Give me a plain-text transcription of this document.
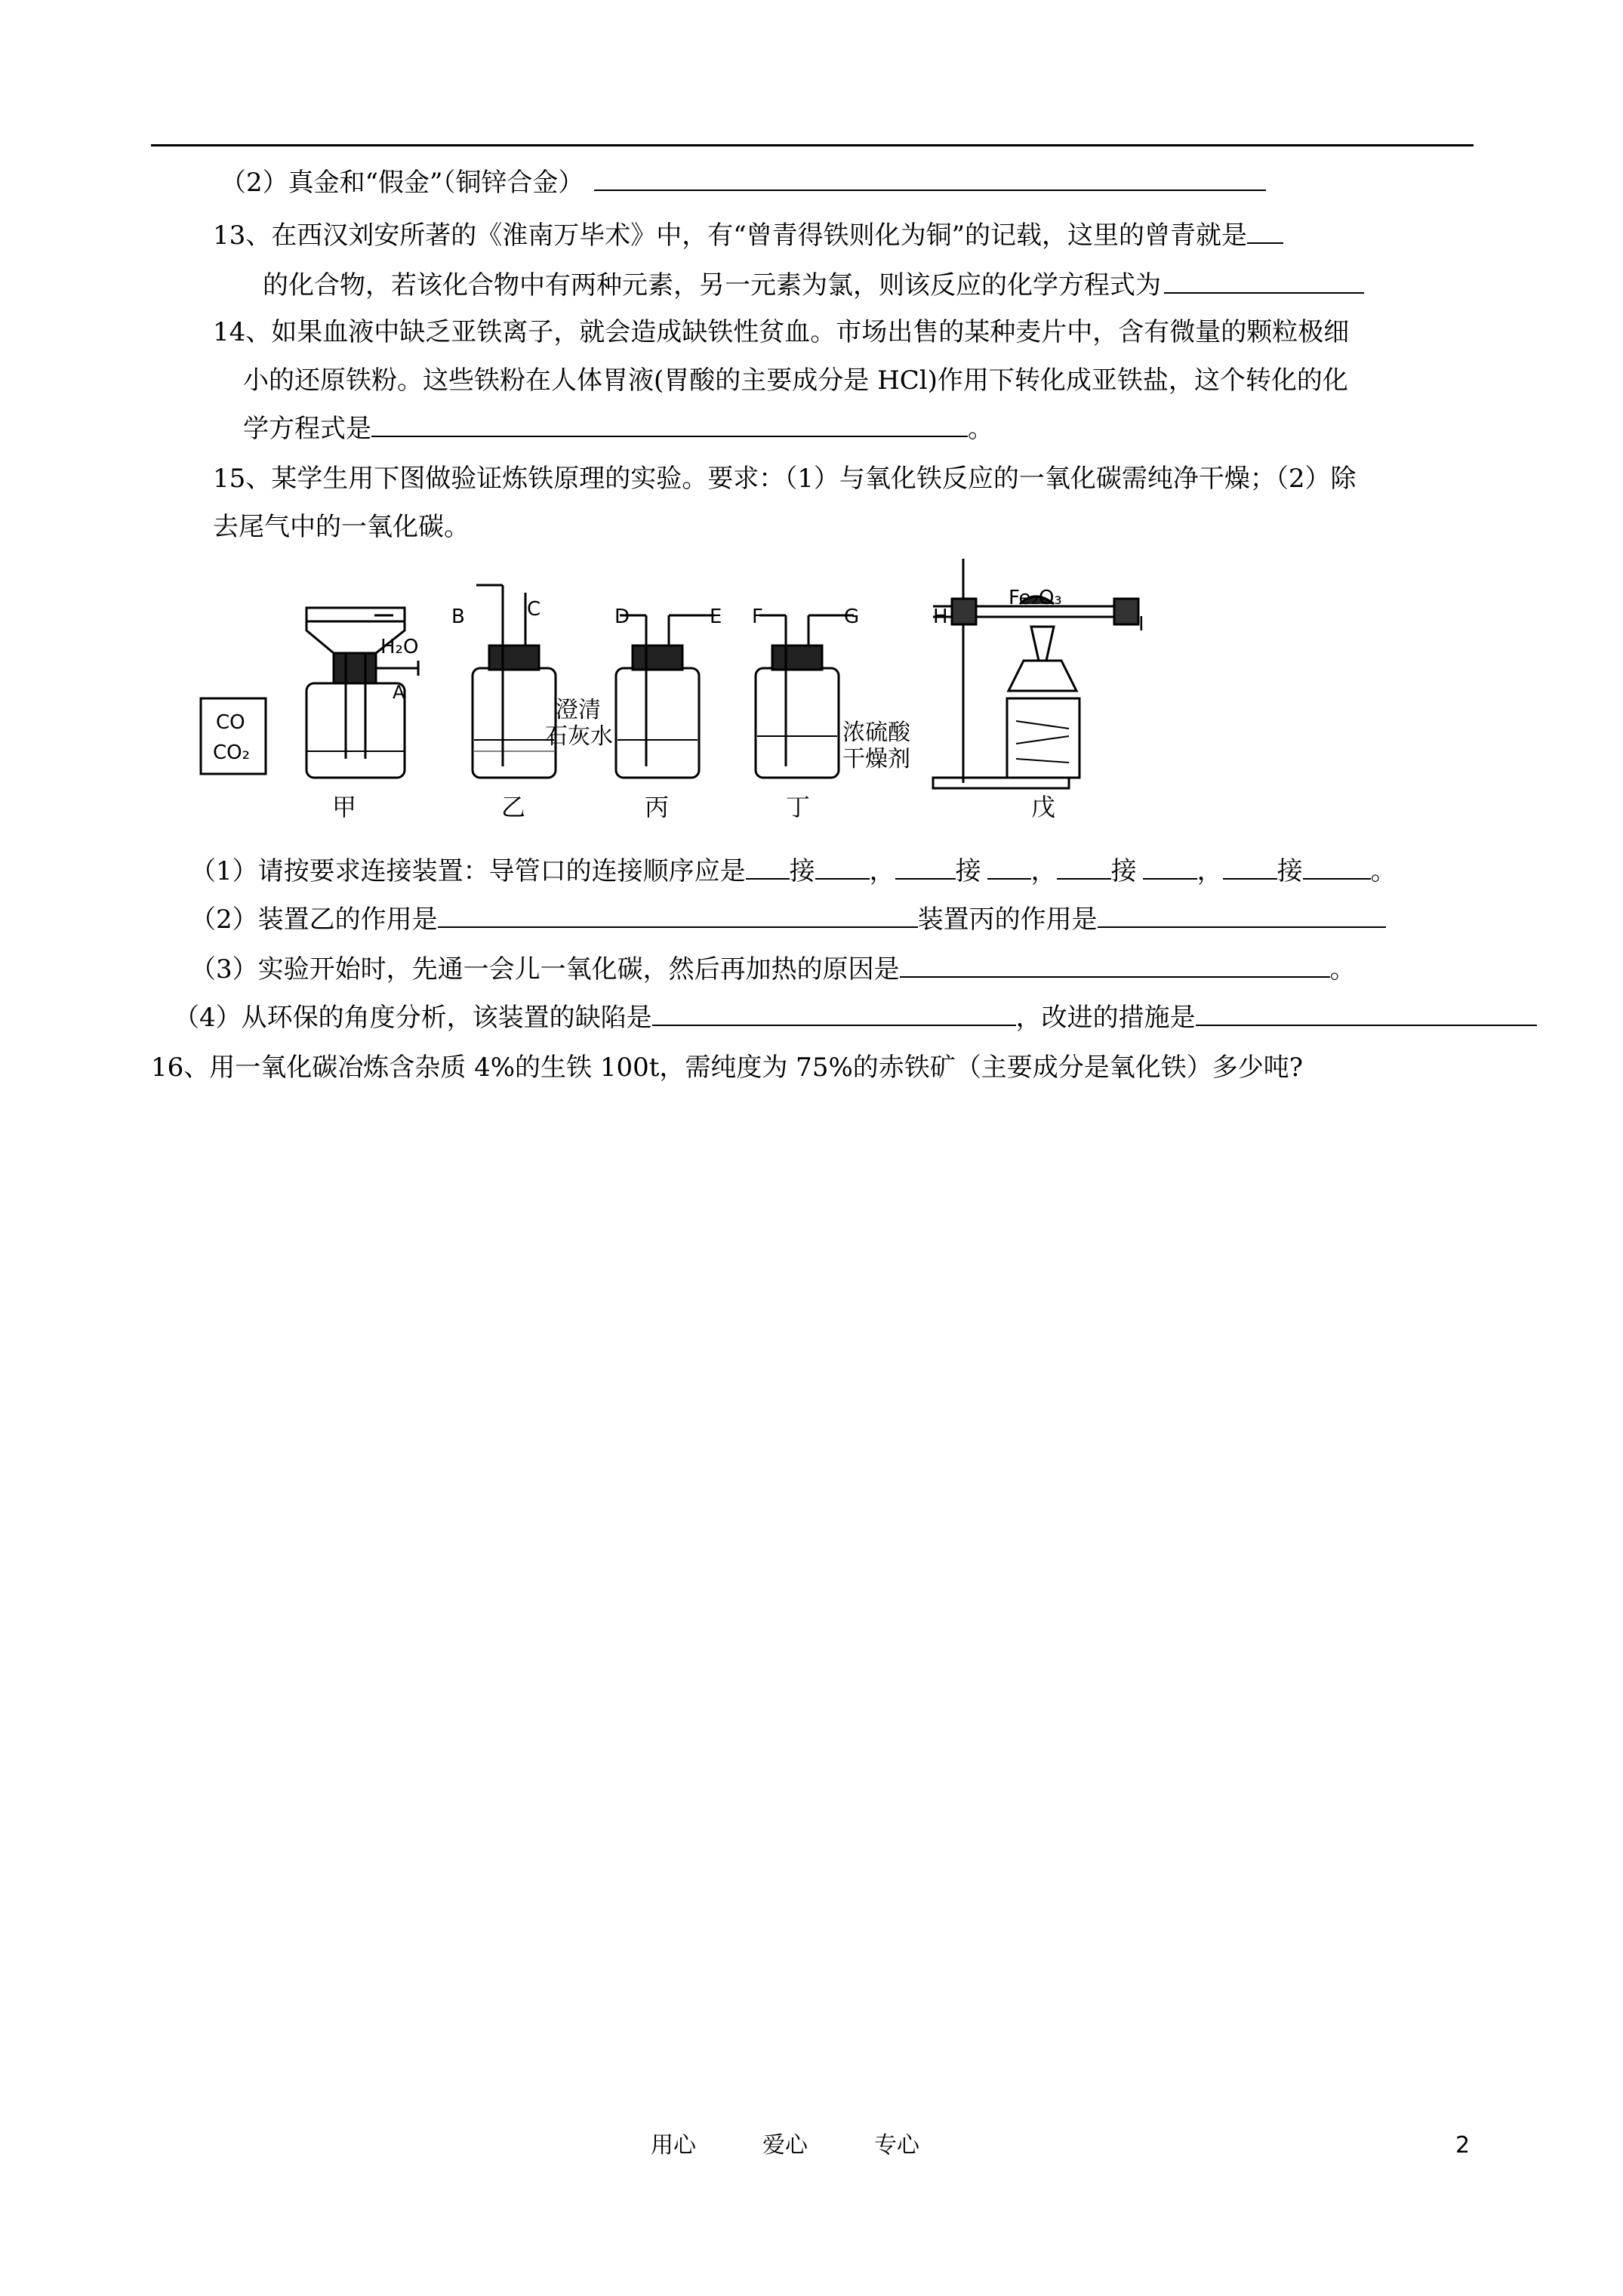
（2）真金和“假金”（铜锌合金）
13、在西汉刘安所著的《淮南万毕术》中，有“曾青得铁则化为铜”的记载，这里的曾青就是
的化合物，若该化合物中有两种元素，另一元素为氯，则该反应的化学方程式为
14、如果血液中缺乏亚铁离子，就会造成缺铁性贫血。市场出售的某种麦片中，含有微量的颗粒极细
小的还原铁粉。这些铁粉在人体胃液(胃酸的主要成分是 HCl)作用下转化成亚铁盐，这个转化的化
学方程式是	。
15、某学生用下图做验证炼铁原理的实验。要求：（1）与氧化铁反应的一氧化碳需纯净干燥；（2）除
去尾气中的一氧化碳。
CO
CO₂
H₂O
A
B	C	D	E F	G	H	I
Fe₂O₃
澄清
石灰水	浓硫酸
干燥剂
甲	乙	丙	丁	戊
（1）请按要求连接装置：导管口的连接顺序应是 接 ， 接 ， 接 ， 接	。
（2）装置乙的作用是	装置丙的作用是
（3）实验开始时，先通一会儿一氧化碳，然后再加热的原因是	。
（4）从环保的角度分析，该装置的缺陷是	，改进的措施是
16、用一氧化碳冶炼含杂质 4%的生铁 100t，需纯度为 75%的赤铁矿（主要成分是氧化铁）多少吨?
用心	爱心	专心	2
